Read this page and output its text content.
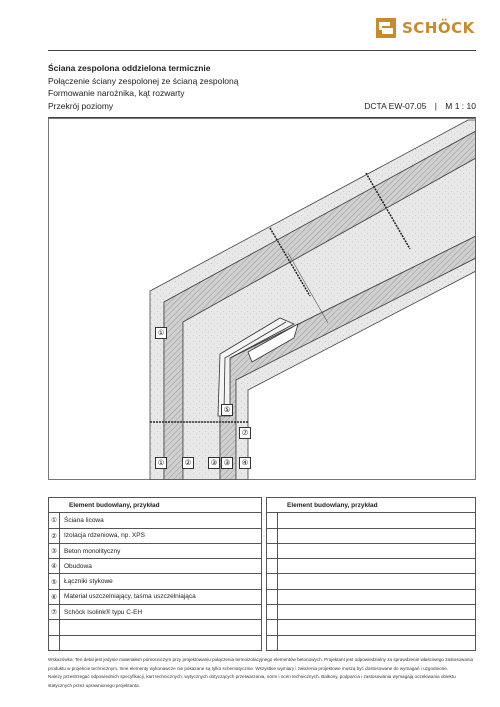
SCHÖCK
Ściana zespolona oddzielona termicznie
Połączenie ściany zespolonej ze ścianą zespoloną
Formowanie narożnika, kąt rozwarty
Przekrój poziomy	DCTA EW-07.05 | M 1 : 10
①
②	③
①	③	④
⑤
⑦
Element budowlany, przykład	
①	Ściana licowa
②	Izolacja rdzeniowa, np. XPS
③	Beton monolityczny
④	Obudowa
⑤	Łączniki stykowe
⑥	Materiał uszczelniający, taśma uszczelniająca
⑦	Schöck Isolink® typu C-EH

Element budowlany, przykład	

Wskazówka: Ten detal jest jedynie materiałem pomocniczym przy projektowaniu połączenia termoizolacyjnego elementów betonowych. Projektant jest odpowiedzialny za sprawdzenie właściwego zastosowania
produktu w projekcie technicznym. Inne elementy wykonawcze nie pokazane są tylko schematycznie. Wszystkie wymiary i założenia projektowe muszą być dostosowane do wymagań i uzgodnione.
Należy przestrzegać odpowiednich specyfikacji, kart technicznych, wytycznych dotyczących przetwarzania, norm i ocen technicznych. Balkony, podparcia i zastosowania wymagają oczekiwania obiektu
statycznych przez uprawnionego projektanta.
